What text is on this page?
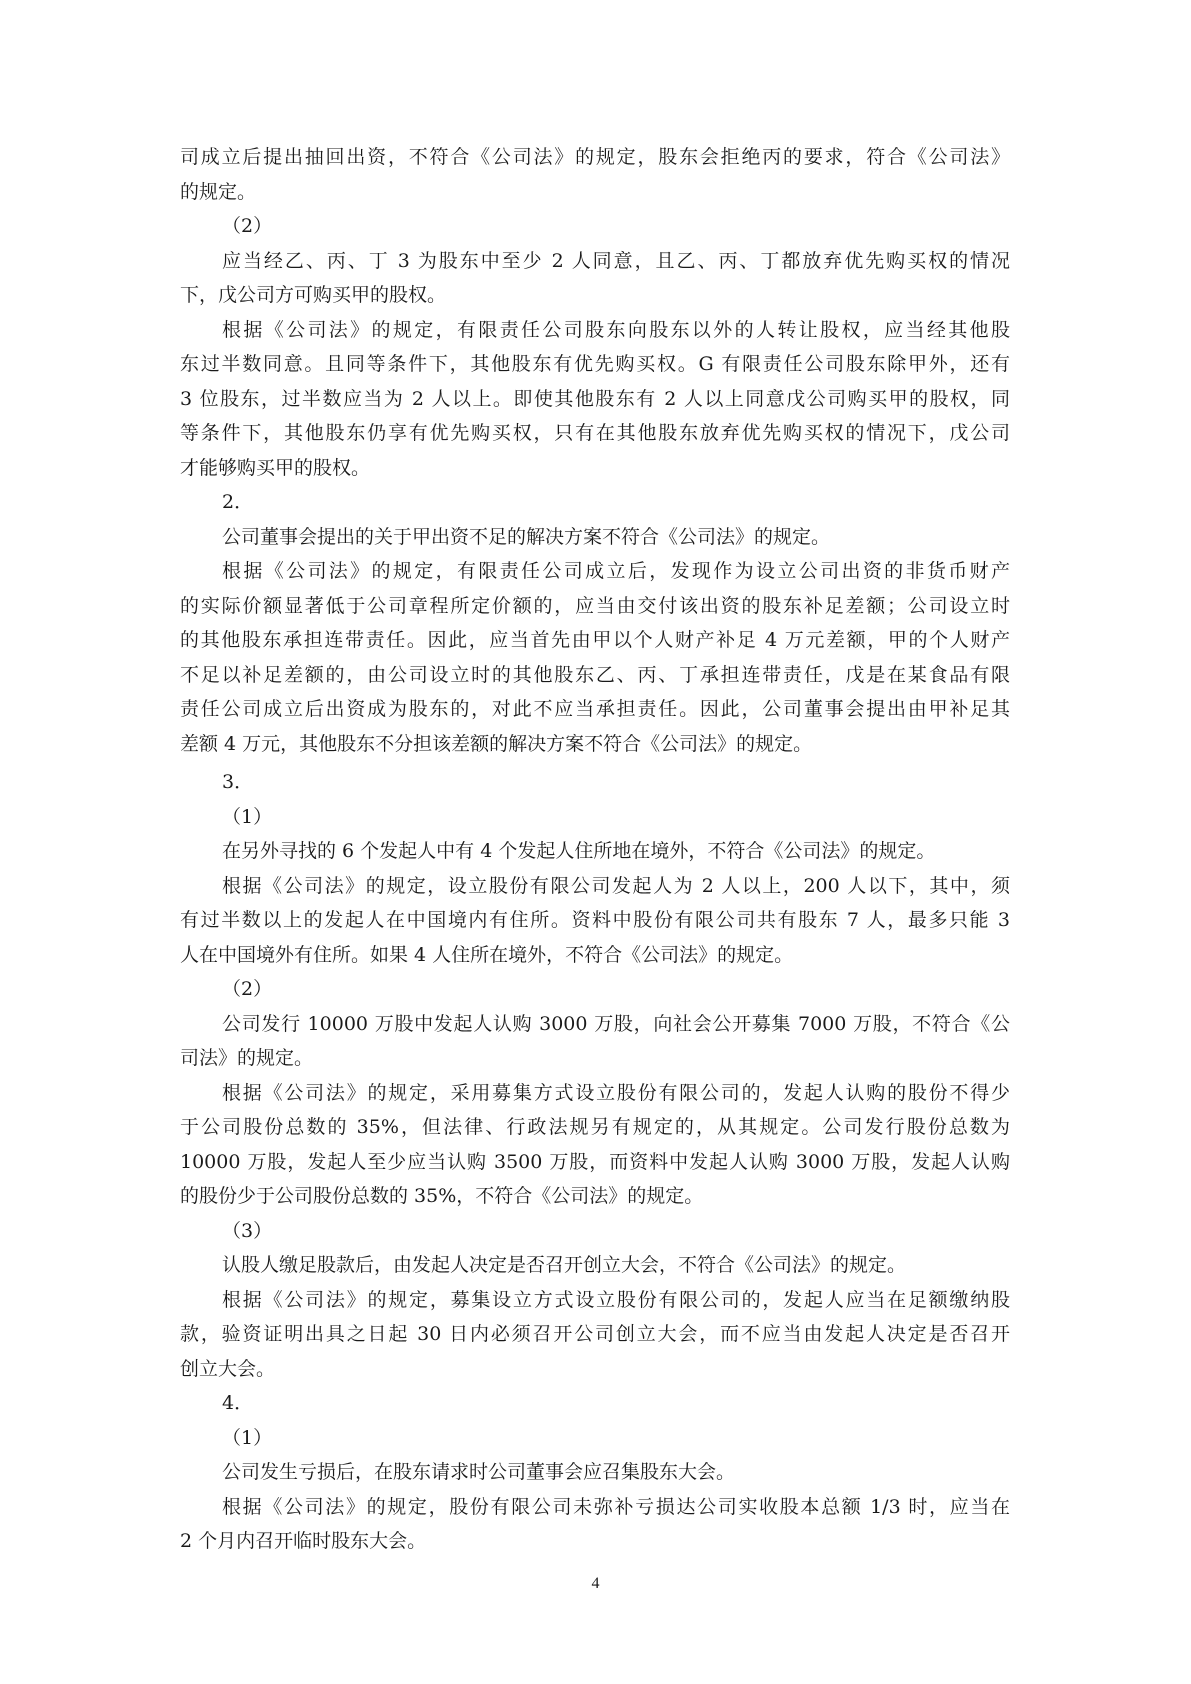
司成立后提出抽回出资，不符合《公司法》的规定，股东会拒绝丙的要求，符合《公司法》
的规定。
（2）
应当经乙、丙、丁 3 为股东中至少 2 人同意，且乙、丙、丁都放弃优先购买权的情况
下，戊公司方可购买甲的股权。
根据《公司法》的规定，有限责任公司股东向股东以外的人转让股权，应当经其他股
东过半数同意。且同等条件下，其他股东有优先购买权。G 有限责任公司股东除甲外，还有
3 位股东，过半数应当为 2 人以上。即使其他股东有 2 人以上同意戊公司购买甲的股权，同
等条件下，其他股东仍享有优先购买权，只有在其他股东放弃优先购买权的情况下，戊公司
才能够购买甲的股权。
2．
公司董事会提出的关于甲出资不足的解决方案不符合《公司法》的规定。
根据《公司法》的规定，有限责任公司成立后，发现作为设立公司出资的非货币财产
的实际价额显著低于公司章程所定价额的，应当由交付该出资的股东补足差额；公司设立时
的其他股东承担连带责任。因此，应当首先由甲以个人财产补足 4 万元差额，甲的个人财产
不足以补足差额的，由公司设立时的其他股东乙、丙、丁承担连带责任，戊是在某食品有限
责任公司成立后出资成为股东的，对此不应当承担责任。因此，公司董事会提出由甲补足其
差额 4 万元，其他股东不分担该差额的解决方案不符合《公司法》的规定。
3．
（1）
在另外寻找的 6 个发起人中有 4 个发起人住所地在境外，不符合《公司法》的规定。
根据《公司法》的规定，设立股份有限公司发起人为 2 人以上，200 人以下，其中，须
有过半数以上的发起人在中国境内有住所。资料中股份有限公司共有股东 7 人，最多只能 3
人在中国境外有住所。如果 4 人住所在境外，不符合《公司法》的规定。
（2）
公司发行 10000 万股中发起人认购 3000 万股，向社会公开募集 7000 万股，不符合《公
司法》的规定。
根据《公司法》的规定，采用募集方式设立股份有限公司的，发起人认购的股份不得少
于公司股份总数的 35%，但法律、行政法规另有规定的，从其规定。公司发行股份总数为
10000 万股，发起人至少应当认购 3500 万股，而资料中发起人认购 3000 万股，发起人认购
的股份少于公司股份总数的 35%，不符合《公司法》的规定。
（3）
认股人缴足股款后，由发起人决定是否召开创立大会，不符合《公司法》的规定。
根据《公司法》的规定，募集设立方式设立股份有限公司的，发起人应当在足额缴纳股
款，验资证明出具之日起 30 日内必须召开公司创立大会，而不应当由发起人决定是否召开
创立大会。
4．
（1）
公司发生亏损后，在股东请求时公司董事会应召集股东大会。
根据《公司法》的规定，股份有限公司未弥补亏损达公司实收股本总额 1/3 时，应当在
2 个月内召开临时股东大会。
4
